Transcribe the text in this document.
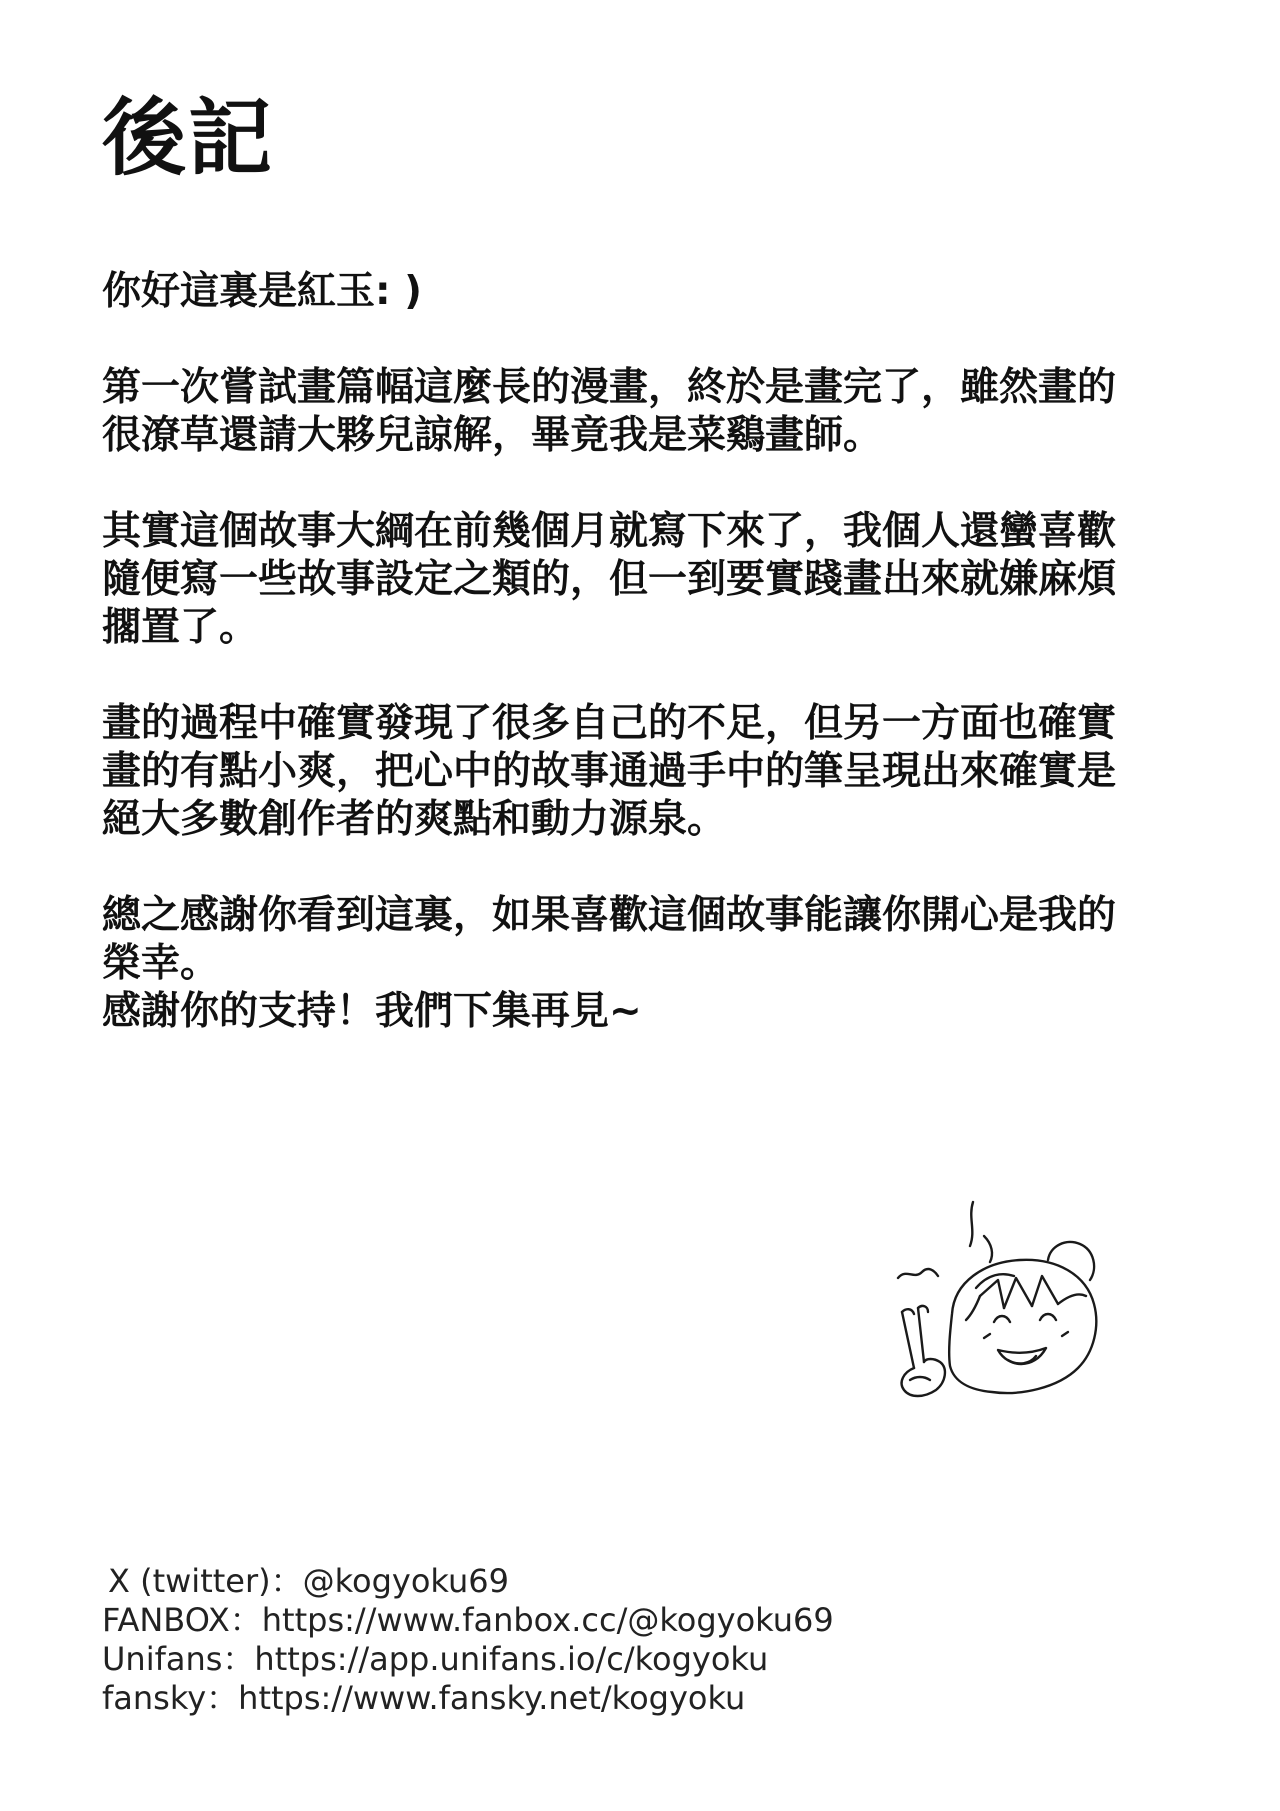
後記

你好這裏是紅玉: )

第一次嘗試畫篇幅這麼長的漫畫，終於是畫完了，雖然畫的
很潦草還請大夥兒諒解，畢竟我是菜鷄畫師。

其實這個故事大綱在前幾個月就寫下來了，我個人還蠻喜歡
隨便寫一些故事設定之類的，但一到要實踐畫出來就嫌麻煩
擱置了。

畫的過程中確實發現了很多自己的不足，但另一方面也確實
畫的有點小爽，把心中的故事通過手中的筆呈現出來確實是
絕大多數創作者的爽點和動力源泉。

總之感謝你看到這裏，如果喜歡這個故事能讓你開心是我的
榮幸。
感謝你的支持！我們下集再見~

X (twitter)：@kogyoku69
FANBOX：https://www.fanbox.cc/@kogyoku69
Unifans：https://app.unifans.io/c/kogyoku
fansky：https://www.fansky.net/kogyoku
